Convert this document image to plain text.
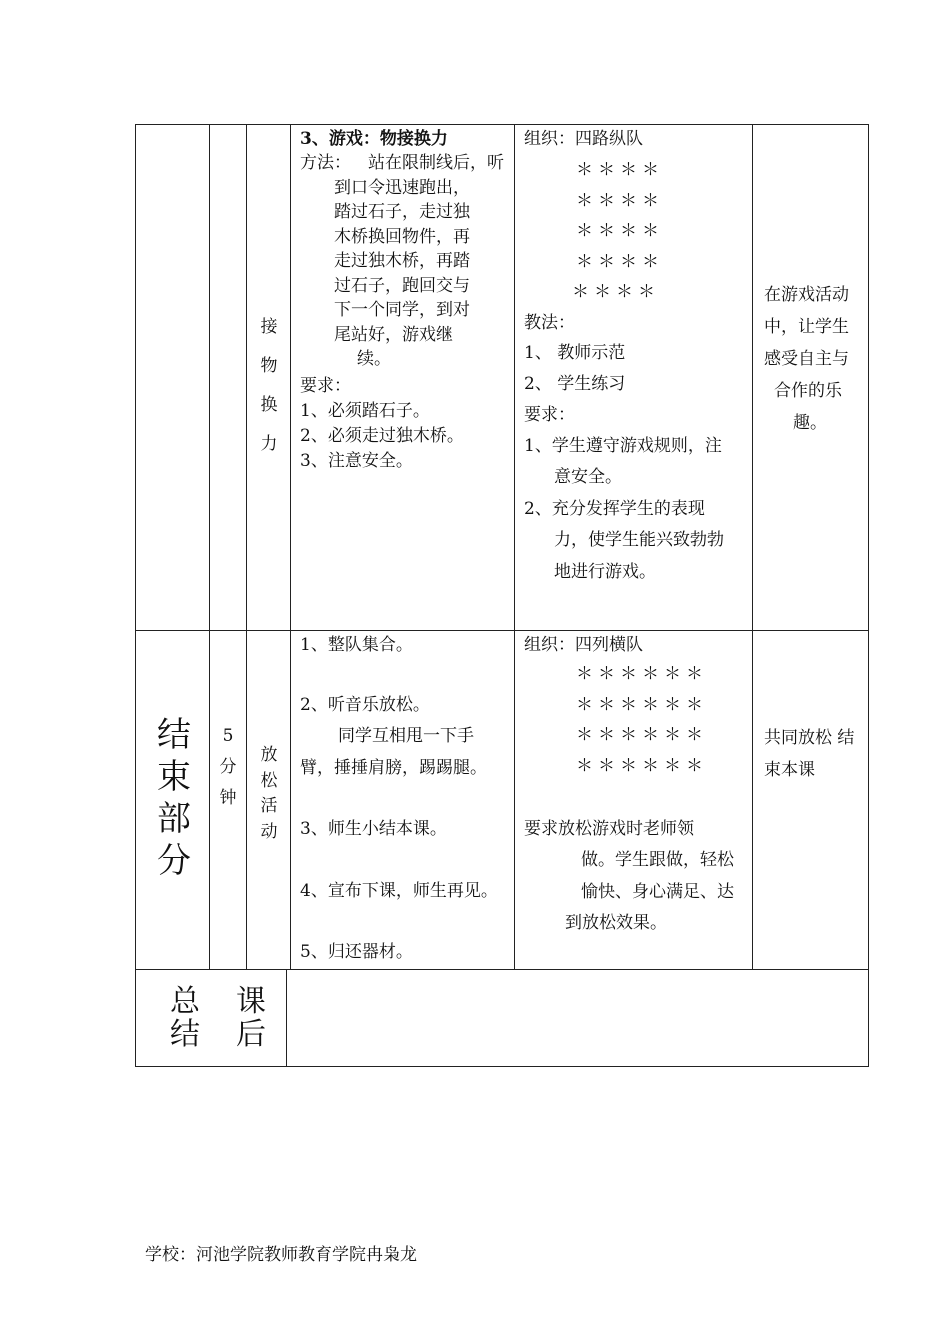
接
物
换
力
3、游戏：物接换力
方法： 站在限制线后，听
到口令迅速跑出，
踏过石子，走过独
木桥换回物件，再
走过独木桥，再踏
过石子，跑回交与
下一个同学，到对
尾站好，游戏继
续。
要求：
1、必须踏石子。
2、必须走过独木桥。
3、注意安全。
组织：四路纵队
＊＊＊＊
＊＊＊＊
＊＊＊＊
＊＊＊＊
＊＊＊＊
教法：
1、 教师示范
2、 学生练习
要求：
1、学生遵守游戏规则，注
意安全。
2、充分发挥学生的表现
力，使学生能兴致勃勃
地进行游戏。
在游戏活动
中，让学生
感受自主与
合作的乐
趣。
结
束
部
分
5
分
钟
放
松
活
动
1、整队集合。
2、听音乐放松。
同学互相甩一下手
臂，捶捶肩膀，踢踢腿。
3、师生小结本课。
4、宣布下课，师生再见。
5、归还器材。
组织：四列横队
＊＊＊＊＊＊
＊＊＊＊＊＊
＊＊＊＊＊＊
＊＊＊＊＊＊
要求放松游戏时老师领
做。学生跟做，轻松
愉快、身心满足、达
到放松效果。
共同放松 结
束本课
总
结
课
后
学校：河池学院教师教育学院冉枭龙
